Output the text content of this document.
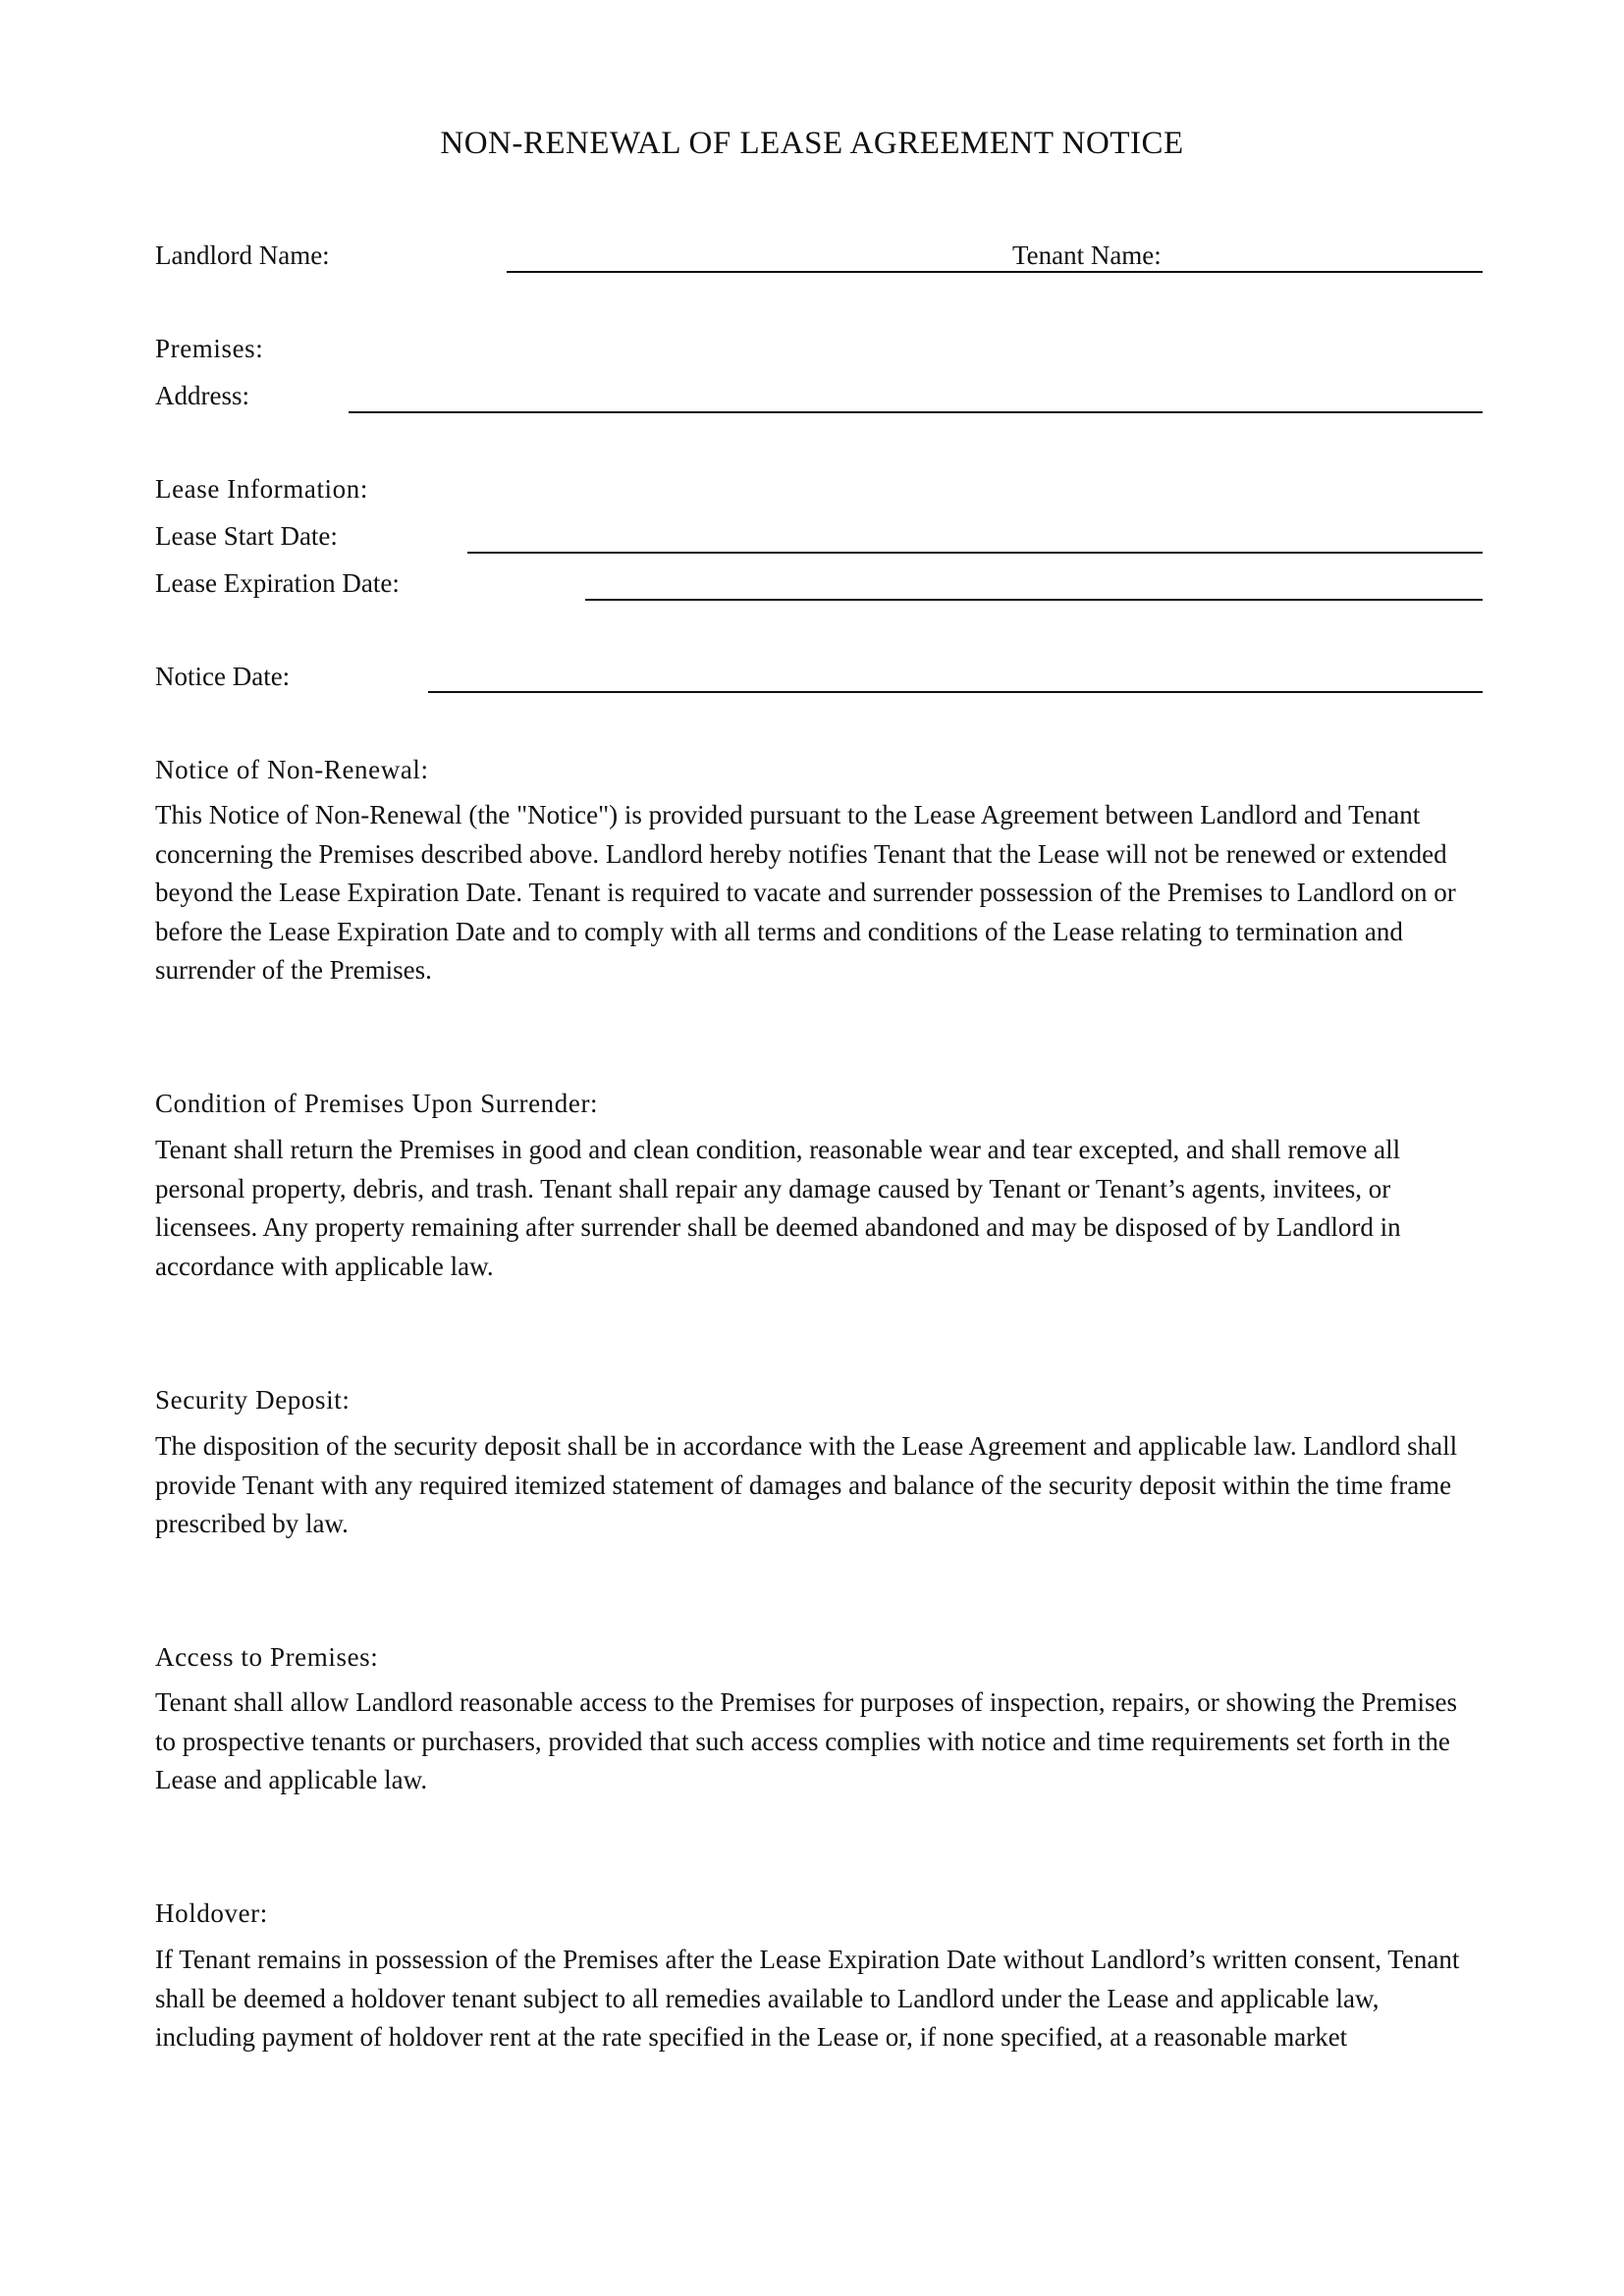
NON-RENEWAL OF LEASE AGREEMENT NOTICE
Landlord Name:	Tenant Name:
Premises:
Address:
Lease Information:
Lease Start Date:
Lease Expiration Date:
Notice Date:
Notice of Non-Renewal:

This Notice of Non-Renewal (the "Notice") is provided pursuant to the Lease Agreement between Landlord and Tenant concerning the Premises described above. Landlord hereby notifies Tenant that the Lease will not be renewed or extended beyond the Lease Expiration Date. Tenant is required to vacate and surrender possession of the Premises to Landlord on or before the Lease Expiration Date and to comply with all terms and conditions of the Lease relating to termination and surrender of the Premises.

Condition of Premises Upon Surrender:

Tenant shall return the Premises in good and clean condition, reasonable wear and tear excepted, and shall remove all personal property, debris, and trash. Tenant shall repair any damage caused by Tenant or Tenant’s agents, invitees, or licensees. Any property remaining after surrender shall be deemed abandoned and may be disposed of by Landlord in accordance with applicable law.

Security Deposit:

The disposition of the security deposit shall be in accordance with the Lease Agreement and applicable law. Landlord shall provide Tenant with any required itemized statement of damages and balance of the security deposit within the time frame prescribed by law.

Access to Premises:

Tenant shall allow Landlord reasonable access to the Premises for purposes of inspection, repairs, or showing the Premises to prospective tenants or purchasers, provided that such access complies with notice and time requirements set forth in the Lease and applicable law.

Holdover:

If Tenant remains in possession of the Premises after the Lease Expiration Date without Landlord’s written consent, Tenant shall be deemed a holdover tenant subject to all remedies available to Landlord under the Lease and applicable law, including payment of holdover rent at the rate specified in the Lease or, if none specified, at a reasonable market
